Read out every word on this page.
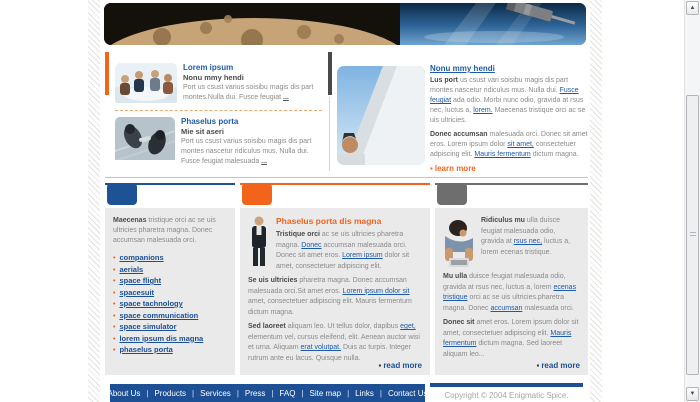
Lorem ipsum
Nonu mmy hendi
Port us csust varius soisibu magis dis part montes.Nulla dui. Fusce feugiat ...
Phaselus porta
Mie sit aseri
Port us csust varius soisibu magis dis part montes nascetur ridiculus mus. Nulla dui. Fusce feugiat malesuada ...
Nonu mmy hendi

Lus port us csust vari soisibu magis dis part montes nascetur ridiculus mus. Nulla dui. Fusce feugiat ada odio. Morbi nunc odio, gravida at rsus nec, luctus a, lorem. Maecenas tristique orci ac se uis ultricies.

Donec accumsan malesuada orci. Donec sit amet eros. Lorem ipsum dolor sit amet, consectetuer adpiscing elit. Mauris fermentum dictum magna.

▪ learn more

Maecenas tristique orci ac se uis ultricies pharetra magna. Donec accumsan malesuada orci.

• companions
• aerials
• space flight
• spacesuit
• space tachnology
• space communication
• space simulator
• lorem ipsum dis magna
• phaselus porta
Phaselus porta dis magna

Tristique orci ac se uis ultricies pharetra magna. Donec accumsan malesuada orci. Donec sit amet eros. Lorem ipsum dolor sit amet, consectetuer adipiscing elit.

Se uis ultricies pharetra magna. Donec accumsan malesuada orci.Sit amet eros. Lorem ipsum dolor sit amet, consectetuer adipiscing elit. Mauris fermentum dictum magna.

Sed laoreet aliquam leo. Ut tellus dolor, dapibus eget, elementum vel, cursus eleifend, elit. Aenean auctor wisi et urna. Aliquam erat volutpat. Duis ac turpis. Integer rutrum ante eu lacus. Quisque nulla.

▪ read more

Ridiculus mu ulla duisce feugiat malesuada odio, gravida at rsus nec, luctus a, lorem ecenas tristique.

Mu ulla duisce feugiat malesuada odio, gravida at rsus nec, luctus a, lorem ecenas tristique orci ac se uis ultricies.pharetra magna. Donec accumsan malesuada orci.

Donec sit amet eros. Lorem ipsum dolor sit amet, consectetuer adipiscing elit. Mauris fermentum dictum magna. Sed laoreet aliquam leo...

▪ read more
About Us |	Products |	Services |	Press |	FAQ |	Site map |	Links |	Contact Us	Copyright © 2004 Enigmatic Spice.
▲
▼
